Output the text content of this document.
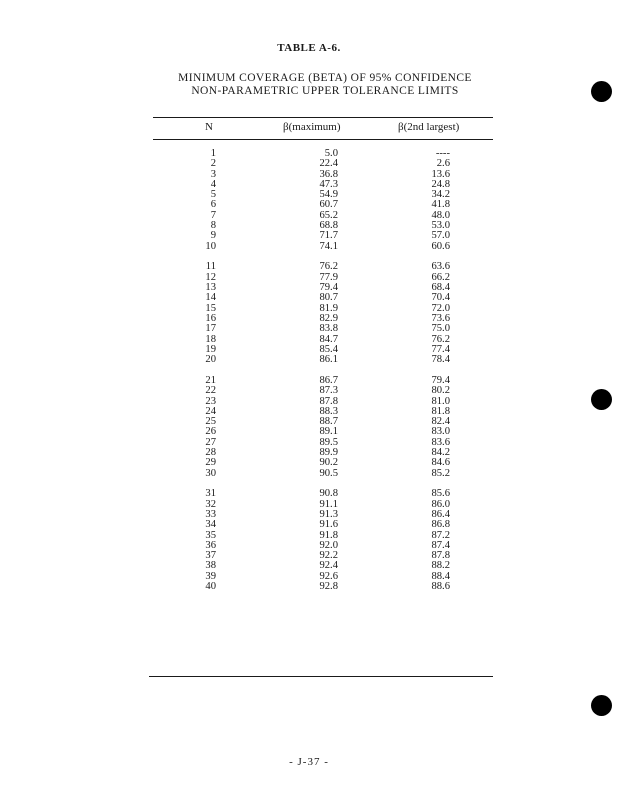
TABLE A-6.
MINIMUM COVERAGE (BETA) OF 95% CONFIDENCE
NON-PARAMETRIC UPPER TOLERANCE LIMITS
N	β(maximum)	β(2nd largest)
1	5.0	----
2	22.4	2.6
3	36.8	13.6
4	47.3	24.8
5	54.9	34.2
6	60.7	41.8
7	65.2	48.0
8	68.8	53.0
9	71.7	57.0
10	74.1	60.6
11	76.2	63.6
12	77.9	66.2
13	79.4	68.4
14	80.7	70.4
15	81.9	72.0
16	82.9	73.6
17	83.8	75.0
18	84.7	76.2
19	85.4	77.4
20	86.1	78.4
21	86.7	79.4
22	87.3	80.2
23	87.8	81.0
24	88.3	81.8
25	88.7	82.4
26	89.1	83.0
27	89.5	83.6
28	89.9	84.2
29	90.2	84.6
30	90.5	85.2
31	90.8	85.6
32	91.1	86.0
33	91.3	86.4
34	91.6	86.8
35	91.8	87.2
36	92.0	87.4
37	92.2	87.8
38	92.4	88.2
39	92.6	88.4
40	92.8	88.6
- J-37 -
